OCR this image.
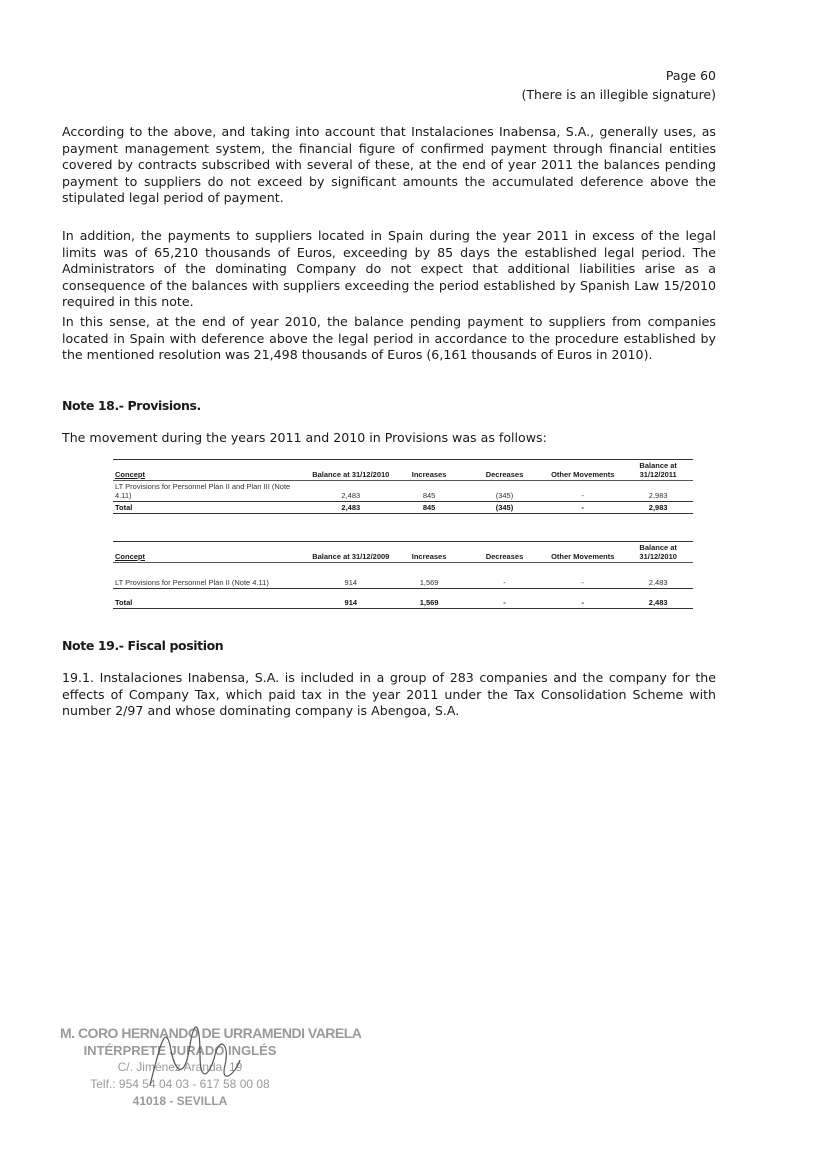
Page 60
(There is an illegible signature)

According to the above, and taking into account that Instalaciones Inabensa, S.A., generally uses, as payment management system, the financial figure of confirmed payment through financial entities covered by contracts subscribed with several of these, at the end of year 2011 the balances pending payment to suppliers do not exceed by significant amounts the accumulated deference above the stipulated legal period of payment.

In addition, the payments to suppliers located in Spain during the year 2011 in excess of the legal limits was of 65,210 thousands of Euros, exceeding by 85 days the established legal period. The Administrators of the dominating Company do not expect that additional liabilities arise as a consequence of the balances with suppliers exceeding the period established by Spanish Law 15/2010 required in this note.

In this sense, at the end of year 2010, the balance pending payment to suppliers from companies located in Spain with deference above the legal period in accordance to the procedure established by the mentioned resolution was 21,498 thousands of Euros (6,161 thousands of Euros in 2010).

Note 18.- Provisions.

The movement during the years 2011 and 2010 in Provisions was as follows:

Concept	Balance at 31/12/2010	Increases	Decreases	Other Movements	Balance at 31/12/2011
LT Provisions for Personnel Plan II and Plan III (Note 4.11)	2,483	845	(345)	-	2,983
Total	2,483	845	(345)	-	2,983
Concept	Balance at 31/12/2009	Increases	Decreases	Other Movements	Balance at 31/12/2010
LT Provisions for Personnel Plan II (Note 4.11)	914	1,569	-	-	2,483
Total	914	1,569	-	-	2,483
Note 19.- Fiscal position

19.1. Instalaciones Inabensa, S.A. is included in a group of 283 companies and the company for the effects of Company Tax, which paid tax in the year 2011 under the Tax Consolidation Scheme with number 2/97 and whose dominating company is Abengoa, S.A.

M. CORO HERNANDO DE URRAMENDI VARELA
INTÉRPRETE JURADO INGLÉS
C/. Jiménez Aranda, 19
Telf.: 954 54 04 03 - 617 58 00 08
41018 - SEVILLA
